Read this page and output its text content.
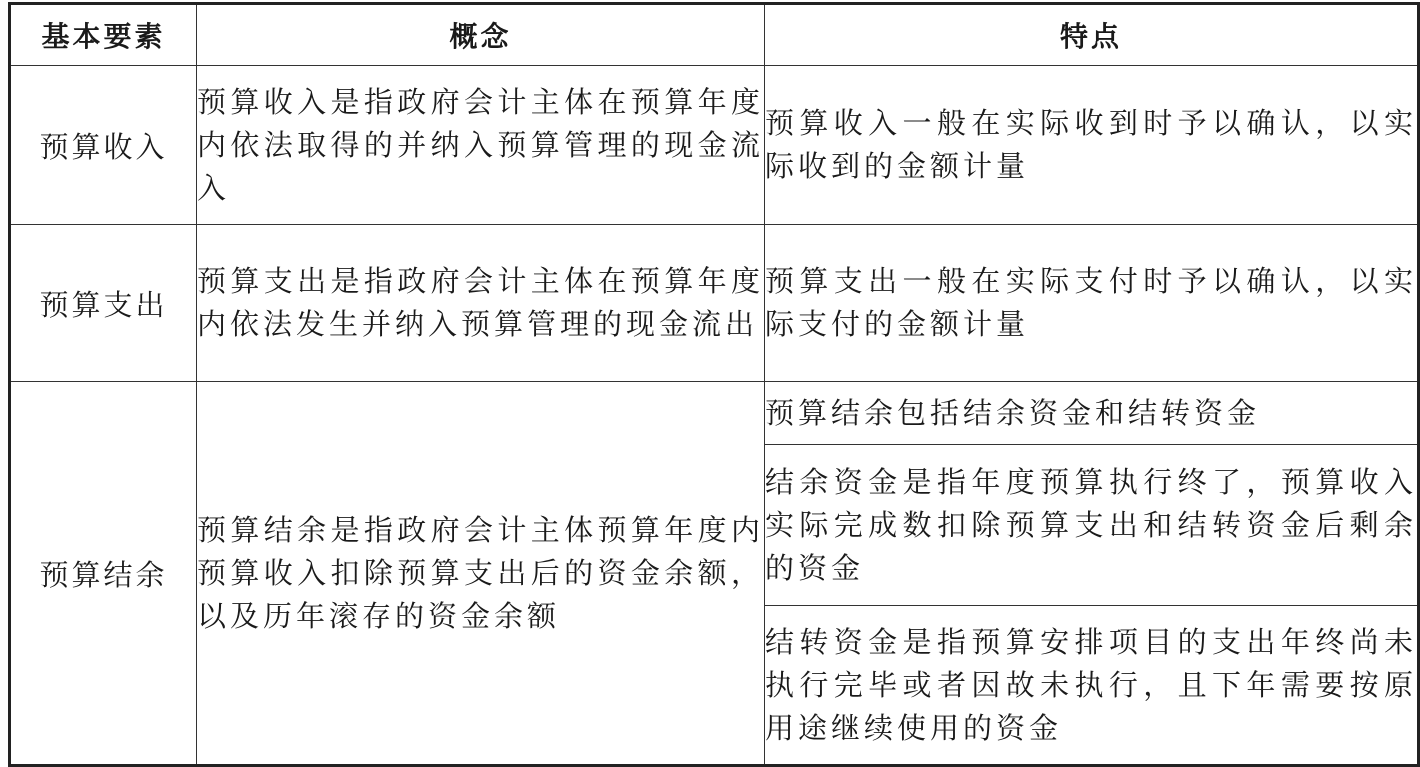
基本要素	概念	特点
预算收入	预算收入是指政府会计主体在预算年度内依法取得的并纳入预算管理的现金流入	预算收入一般在实际收到时予以确认，以实际收到的金额计量
预算支出	预算支出是指政府会计主体在预算年度内依法发生并纳入预算管理的现金流出	预算支出一般在实际支付时予以确认，以实际支付的金额计量
预算结余	预算结余是指政府会计主体预算年度内预算收入扣除预算支出后的资金余额，以及历年滚存的资金余额	预算结余包括结余资金和结转资金
		结余资金是指年度预算执行终了，预算收入实际完成数扣除预算支出和结转资金后剩余的资金
		结转资金是指预算安排项目的支出年终尚未执行完毕或者因故未执行，且下年需要按原用途继续使用的资金
